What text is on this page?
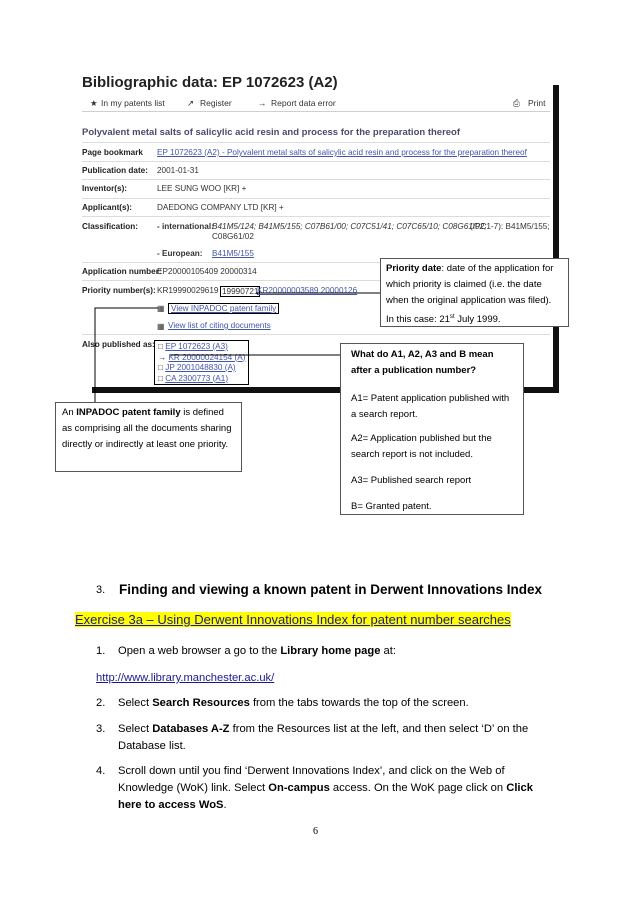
Bibliographic data: EP 1072623 (A2)
★ In my patents list	↗ Register	→ Report data error	⎙ Print
Polyvalent metal salts of salicylic acid resin and process for the preparation thereof
Page bookmark EP 1072623 (A2) - Polyvalent metal salts of salicylic acid resin and process for the preparation thereof
Publication date: 2001-01-31
Inventor(s):	LEE SUNG WOO [KR] +
Applicant(s):	DAEDONG COMPANY LTD [KR] +
Classification: - international:
B41M5/124; B41M5/155; C07B61/00; C07C51/41; C07C65/10; C08G61/02;
(IPC1-7): B41M5/155;
C08G61/02
- European: B41M5/155
Application number:
EP20000105409 20000314
Priority number(s): KR19990029619 19990721
KR20000003589 20000126
▦ View INPADOC patent family
▦ View list of citing documents
Also published as: □ EP 1072623 (A3)
→ KR 20000024154 (A)
□ JP 2001048830 (A)
□ CA 2300773 (A1)
Priority date: date of the application for which priority is claimed (i.e. the date when the original application was filed).
In this case: 21st July 1999.
What do A1, A2, A3 and B mean after a publication number?
A1= Patent application published with a search report.
A2= Application published but the search report is not included.
A3= Published search report
B= Granted patent.
An INPADOC patent family is defined as comprising all the documents sharing directly or indirectly at least one priority.
3. Finding and viewing a known patent in Derwent Innovations Index
Exercise 3a – Using Derwent Innovations Index for patent number searches
1. Open a web browser a go to the Library home page at:
http://www.library.manchester.ac.uk/
2. Select Search Resources from the tabs towards the top of the screen.
3. Select Databases A-Z from the Resources list at the left, and then select ‘D’ on the Database list.
4. Scroll down until you find ‘Derwent Innovations Index’, and click on the Web of Knowledge (WoK) link. Select On-campus access. On the WoK page click on Click here to access WoS.
6
